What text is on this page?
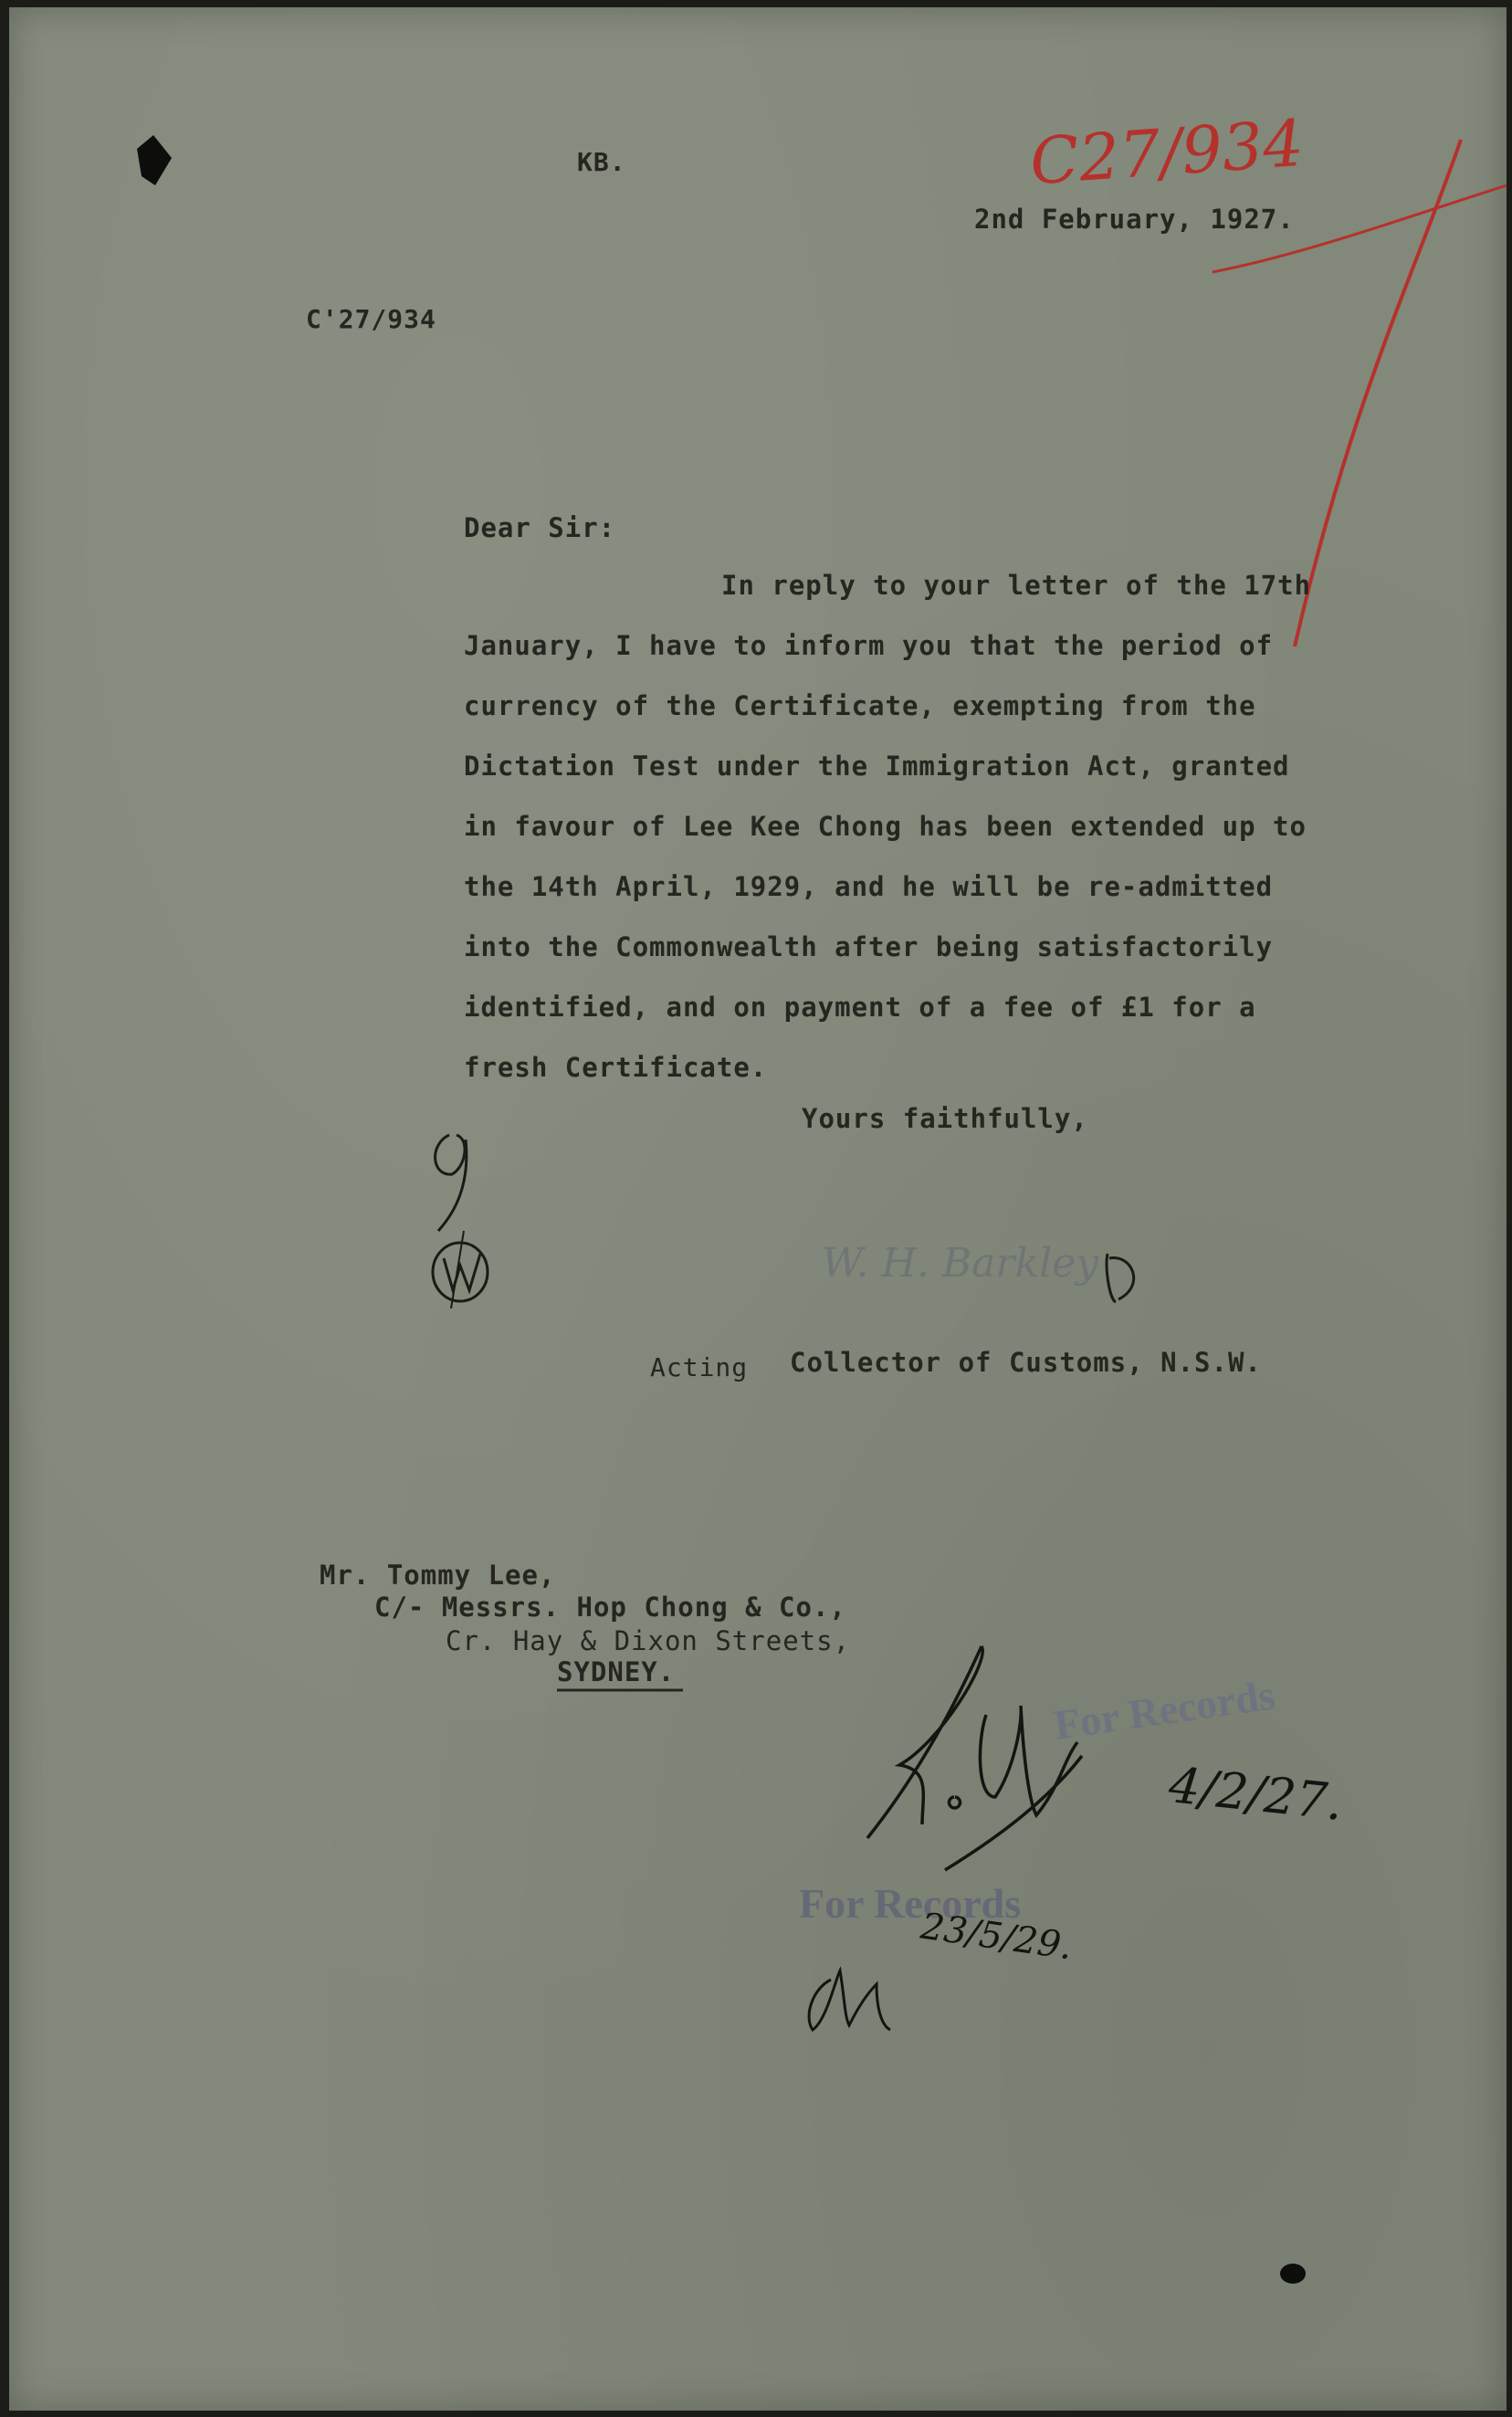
C27/934
KB.
2nd February, 1927.
C'27/934
Dear Sir:
In reply to your letter of the 17th
January, I have to inform you that the period of
currency of the Certificate, exempting from the
Dictation Test under the Immigration Act, granted
in favour of Lee Kee Chong has been extended up to
the 14th April, 1929, and he will be re-admitted
into the Commonwealth after being satisfactorily
identified, and on payment of a fee of £1 for a
fresh Certificate.
Yours faithfully,
W. H. Barkley
Acting Collector of Customs, N.S.W.
Mr. Tommy Lee,
C/- Messrs. Hop Chong & Co.,
Cr. Hay & Dixon Streets,
SYDNEY.	For Records
For Records
4/2/27.
23/5/29.
